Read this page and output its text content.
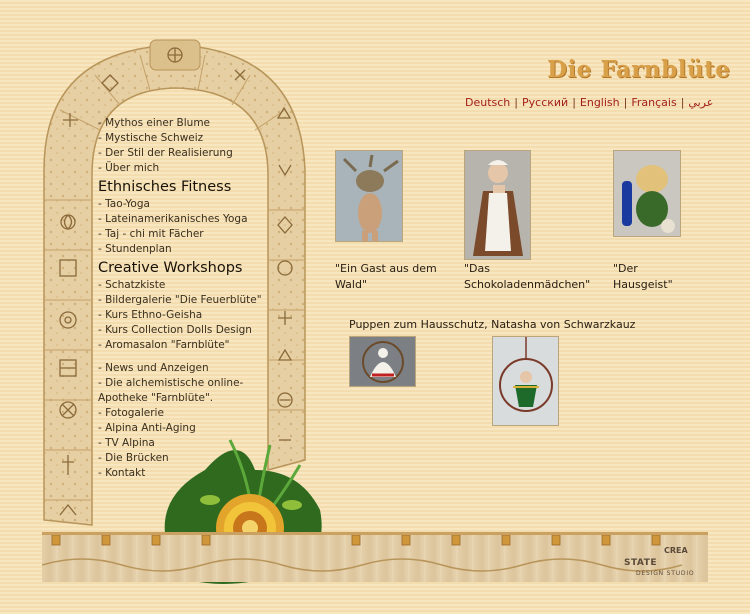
CREA
STATE
DESIGN STUDIO
- Mythos einer Blume
- Mystische Schweiz
- Der Stil der Realisierung
- Über mich
Ethnisches Fitness
- Tao-Yoga
- Lateinamerikanisches Yoga
- Taj - chi mit Fächer
- Stundenplan
Creative Workshops
- Schatzkiste
- Bildergalerie "Die Feuerblüte"
- Kurs Ethno-Geisha
- Kurs Collection Dolls Design
- Aromasalon "Farnblüte"
- News und Anzeigen
- Die alchemistische online-Apotheke "Farnblüte".
- Fotogalerie
- Alpina Anti-Aging
- TV Alpina
- Die Brücken
- Kontakt
Die Farnblüte
Deutsch | Русский | English | Français | عربي
"Ein Gast aus dem Wald"
"Das Schokoladenmädchen"
"Der Hausgeist"
Puppen zum Hausschutz, Natasha von Schwarzkauz
